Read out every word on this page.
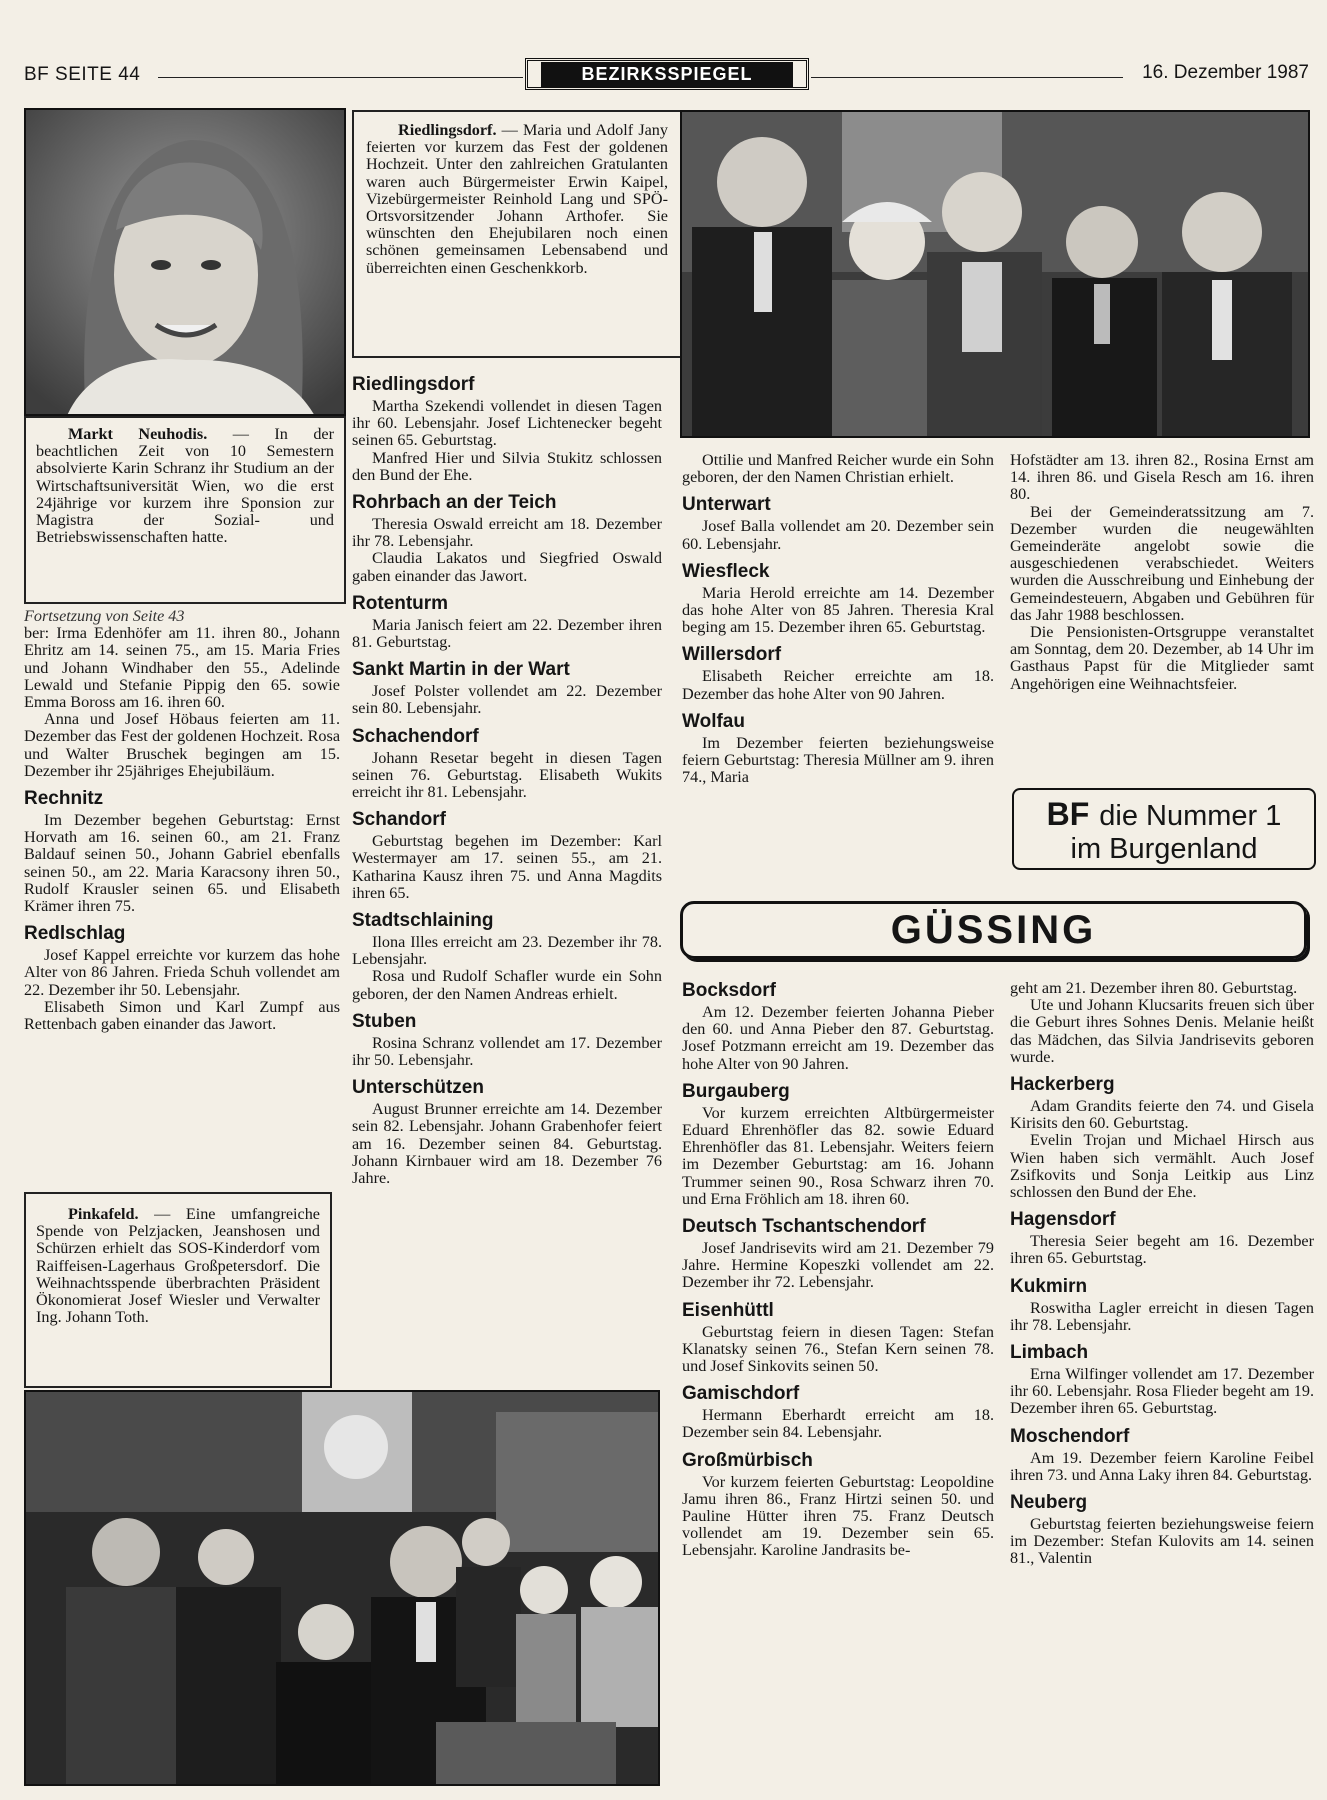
BF SEITE 44	BEZIRKSSPIEGEL	16. Dezember 1987

Markt Neuhodis. — In der beachtlichen Zeit von 10 Semestern absolvierte Karin Schranz ihr Studium an der Wirtschaftsuniversität Wien, wo die erst 24jährige vor kurzem ihre Sponsion zur Magistra der Sozial- und Betriebswissenschaften hatte.

Fortsetzung von Seite 43

ber: Irma Edenhöfer am 11. ihren 80., Johann Ehritz am 14. seinen 75., am 15. Maria Fries und Johann Windhaber den 55., Adelinde Lewald und Stefanie Pippig den 65. sowie Emma Boross am 16. ihren 60.

Anna und Josef Höbaus feierten am 11. Dezember das Fest der goldenen Hochzeit. Rosa und Walter Bruschek begingen am 15. Dezember ihr 25jähriges Ehejubiläum.

Rechnitz

Im Dezember begehen Geburtstag: Ernst Horvath am 16. seinen 60., am 21. Franz Baldauf seinen 50., Johann Gabriel ebenfalls seinen 50., am 22. Maria Karacsony ihren 50., Rudolf Krausler seinen 65. und Elisabeth Krämer ihren 75.

Redlschlag

Josef Kappel erreichte vor kurzem das hohe Alter von 86 Jahren. Frieda Schuh vollendet am 22. Dezember ihr 50. Lebensjahr.

Elisabeth Simon und Karl Zumpf aus Rettenbach gaben einander das Jawort.

Pinkafeld. — Eine umfangreiche Spende von Pelzjacken, Jeanshosen und Schürzen erhielt das SOS-Kinderdorf vom Raiffeisen-Lagerhaus Großpetersdorf. Die Weihnachtsspende überbrachten Präsident Ökonomierat Josef Wiesler und Verwalter Ing. Johann Toth.

Riedlingsdorf. — Maria und Adolf Jany feierten vor kurzem das Fest der goldenen Hochzeit. Unter den zahlreichen Gratulanten waren auch Bürgermeister Erwin Kaipel, Vizebürgermeister Reinhold Lang und SPÖ-Ortsvorsitzender Johann Arthofer. Sie wünschten den Ehejubilaren noch einen schönen gemeinsamen Lebensabend und überreichten einen Geschenkkorb.

Riedlingsdorf

Martha Szekendi vollendet in diesen Tagen ihr 60. Lebensjahr. Josef Lichtenecker begeht seinen 65. Geburtstag.

Manfred Hier und Silvia Stukitz schlossen den Bund der Ehe.

Rohrbach an der Teich

Theresia Oswald erreicht am 18. Dezember ihr 78. Lebensjahr.

Claudia Lakatos und Siegfried Oswald gaben einander das Jawort.

Rotenturm

Maria Janisch feiert am 22. Dezember ihren 81. Geburtstag.

Sankt Martin in der Wart

Josef Polster vollendet am 22. Dezember sein 80. Lebensjahr.

Schachendorf

Johann Resetar begeht in diesen Tagen seinen 76. Geburtstag. Elisabeth Wukits erreicht ihr 81. Lebensjahr.

Schandorf

Geburtstag begehen im Dezember: Karl Westermayer am 17. seinen 55., am 21. Katharina Kausz ihren 75. und Anna Magdits ihren 65.

Stadtschlaining

Ilona Illes erreicht am 23. Dezember ihr 78. Lebensjahr.

Rosa und Rudolf Schafler wurde ein Sohn geboren, der den Namen Andreas erhielt.

Stuben

Rosina Schranz vollendet am 17. Dezember ihr 50. Lebensjahr.

Unterschützen

August Brunner erreichte am 14. Dezember sein 82. Lebensjahr. Johann Grabenhofer feiert am 16. Dezember seinen 84. Geburtstag. Johann Kirnbauer wird am 18. Dezember 76 Jahre.

Ottilie und Manfred Reicher wurde ein Sohn geboren, der den Namen Christian erhielt.

Unterwart

Josef Balla vollendet am 20. Dezember sein 60. Lebensjahr.

Wiesfleck

Maria Herold erreichte am 14. Dezember das hohe Alter von 85 Jahren. Theresia Kral beging am 15. Dezember ihren 65. Geburtstag.

Willersdorf

Elisabeth Reicher erreichte am 18. Dezember das hohe Alter von 90 Jahren.

Wolfau

Im Dezember feierten beziehungsweise feiern Geburtstag: Theresia Müllner am 9. ihren 74., Maria

Hofstädter am 13. ihren 82., Rosina Ernst am 14. ihren 86. und Gisela Resch am 16. ihren 80.

Bei der Gemeinderatssitzung am 7. Dezember wurden die neugewählten Gemeinderäte angelobt sowie die ausgeschiedenen verabschiedet. Weiters wurden die Ausschreibung und Einhebung der Gemeindesteuern, Abgaben und Gebühren für das Jahr 1988 beschlossen.

Die Pensionisten-Ortsgruppe veranstaltet am Sonntag, dem 20. Dezember, ab 14 Uhr im Gasthaus Papst für die Mitglieder samt Angehörigen eine Weihnachtsfeier.

BF die Nummer 1
im Burgenland
GÜSSING
Bocksdorf

Am 12. Dezember feierten Johanna Pieber den 60. und Anna Pieber den 87. Geburtstag. Josef Potzmann erreicht am 19. Dezember das hohe Alter von 90 Jahren.

Burgauberg

Vor kurzem erreichten Altbürgermeister Eduard Ehrenhöfler das 82. sowie Eduard Ehrenhöfler das 81. Lebensjahr. Weiters feiern im Dezember Geburtstag: am 16. Johann Trummer seinen 90., Rosa Schwarz ihren 70. und Erna Fröhlich am 18. ihren 60.

Deutsch Tschantschendorf

Josef Jandrisevits wird am 21. Dezember 79 Jahre. Hermine Kopeszki vollendet am 22. Dezember ihr 72. Lebensjahr.

Eisenhüttl

Geburtstag feiern in diesen Tagen: Stefan Klanatsky seinen 76., Stefan Kern seinen 78. und Josef Sinkovits seinen 50.

Gamischdorf

Hermann Eberhardt erreicht am 18. Dezember sein 84. Lebensjahr.

Großmürbisch

Vor kurzem feierten Geburtstag: Leopoldine Jamu ihren 86., Franz Hirtzi seinen 50. und Pauline Hütter ihren 75. Franz Deutsch vollendet am 19. Dezember sein 65. Lebensjahr. Karoline Jandrasits be-

geht am 21. Dezember ihren 80. Geburtstag.

Ute und Johann Klucsarits freuen sich über die Geburt ihres Sohnes Denis. Melanie heißt das Mädchen, das Silvia Jandrisevits geboren wurde.

Hackerberg

Adam Grandits feierte den 74. und Gisela Kirisits den 60. Geburtstag.

Evelin Trojan und Michael Hirsch aus Wien haben sich vermählt. Auch Josef Zsifkovits und Sonja Leitkip aus Linz schlossen den Bund der Ehe.

Hagensdorf

Theresia Seier begeht am 16. Dezember ihren 65. Geburtstag.

Kukmirn

Roswitha Lagler erreicht in diesen Tagen ihr 78. Lebensjahr.

Limbach

Erna Wilfinger vollendet am 17. Dezember ihr 60. Lebensjahr. Rosa Flieder begeht am 19. Dezember ihren 65. Geburtstag.

Moschendorf

Am 19. Dezember feiern Karoline Feibel ihren 73. und Anna Laky ihren 84. Geburtstag.

Neuberg

Geburtstag feierten beziehungsweise feiern im Dezember: Stefan Kulovits am 14. seinen 81., Valentin
